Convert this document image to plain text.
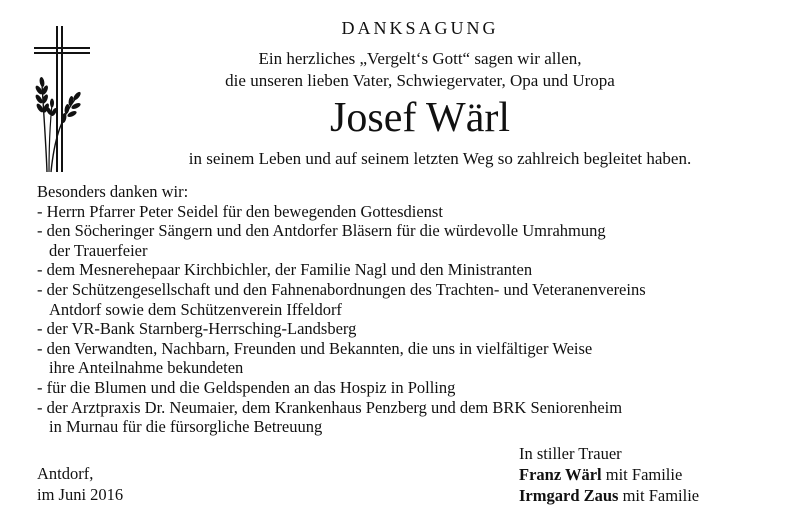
DANKSAGUNG
Ein herzliches „Vergelt‘s Gott“ sagen wir allen,
die unseren lieben Vater, Schwiegervater, Opa und Uropa
Josef Wärl
in seinem Leben und auf seinem letzten Weg so zahlreich begleitet haben.
Besonders danken wir:
- Herrn Pfarrer Peter Seidel für den bewegenden Gottesdienst
- den Söcheringer Sängern und den Antdorfer Bläsern für die würdevolle Umrahmung
der Trauerfeier
- dem Mesnerehepaar Kirchbichler, der Familie Nagl und den Ministranten
- der Schützengesellschaft und den Fahnenabordnungen des Trachten- und Veteranenvereins
Antdorf sowie dem Schützenverein Iffeldorf
- der VR-Bank Starnberg-Herrsching-Landsberg
- den Verwandten, Nachbarn, Freunden und Bekannten, die uns in vielfältiger Weise
ihre Anteilnahme bekundeten
- für die Blumen und die Geldspenden an das Hospiz in Polling
- der Arztpraxis Dr. Neumaier, dem Krankenhaus Penzberg und dem BRK Seniorenheim
in Murnau für die fürsorgliche Betreuung
Antdorf,
im Juni 2016
In stiller Trauer
Franz Wärl mit Familie
Irmgard Zaus mit Familie
